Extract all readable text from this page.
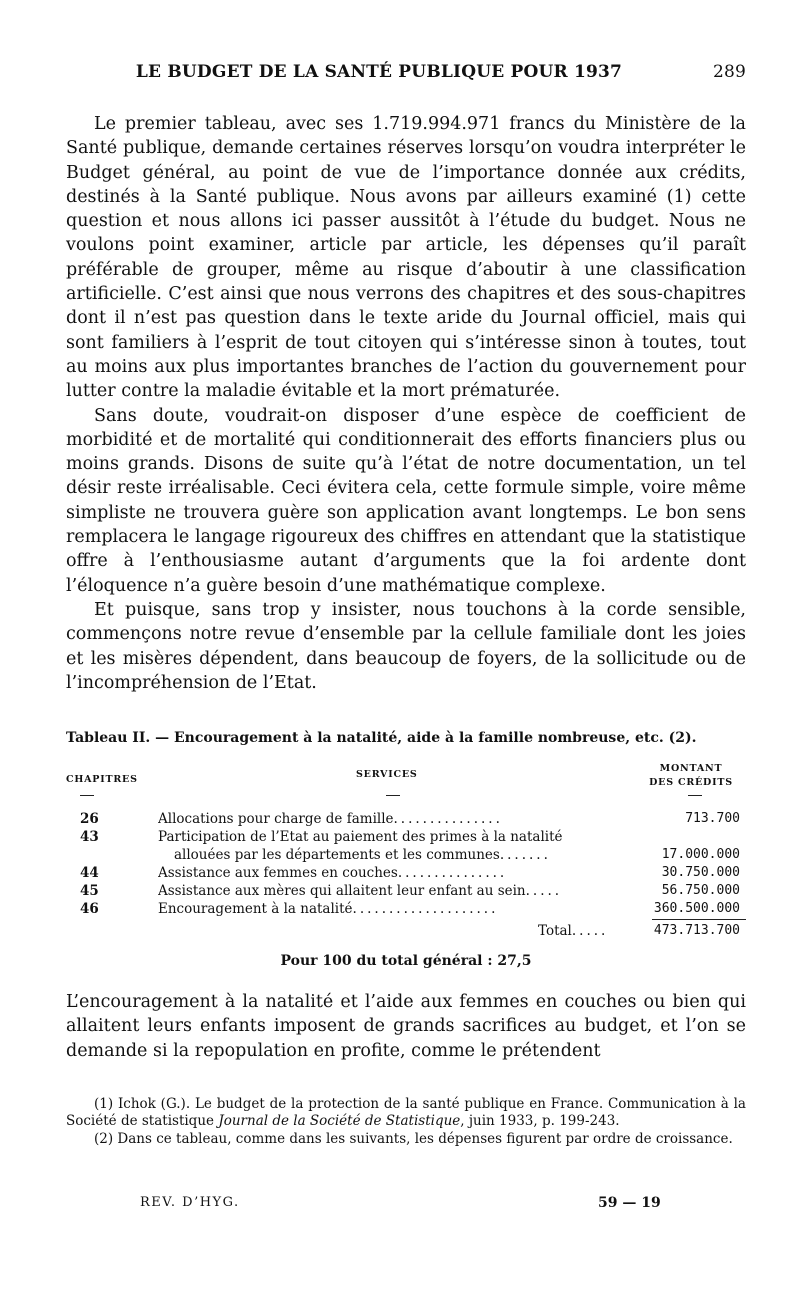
LE BUDGET DE LA SANTÉ PUBLIQUE POUR 1937	289

Le premier tableau, avec ses 1.719.994.971 francs du Ministère de la Santé publique, demande certaines réserves lorsqu’on voudra interpréter le Budget général, au point de vue de l’importance donnée aux crédits, destinés à la Santé publique. Nous avons par ailleurs examiné (1) cette question et nous allons ici passer aussitôt à l’étude du budget. Nous ne voulons point examiner, article par article, les dépenses qu’il paraît préférable de grouper, même au risque d’aboutir à une classification artificielle. C’est ainsi que nous verrons des chapitres et des sous-chapitres dont il n’est pas question dans le texte aride du Journal officiel, mais qui sont familiers à l’esprit de tout citoyen qui s’intéresse sinon à toutes, tout au moins aux plus importantes branches de l’action du gouvernement pour lutter contre la maladie évitable et la mort prématurée.

Sans doute, voudrait-on disposer d’une espèce de coefficient de morbidité et de mortalité qui conditionnerait des efforts financiers plus ou moins grands. Disons de suite qu’à l’état de notre documentation, un tel désir reste irréalisable. Ceci évitera cela, cette formule simple, voire même simpliste ne trouvera guère son application avant longtemps. Le bon sens remplacera le langage rigoureux des chiffres en attendant que la statistique offre à l’enthousiasme autant d’arguments que la foi ardente dont l’éloquence n’a guère besoin d’une mathématique complexe.

Et puisque, sans trop y insister, nous touchons à la corde sensible, commençons notre revue d’ensemble par la cellule familiale dont les joies et les misères dépendent, dans beaucoup de foyers, de la sollicitude ou de l’incompréhension de l’Etat.

Tableau II. — Encouragement à la natalité, aide à la famille nombreuse, etc. (2).
CHAPITRES	SERVICES
MONTANT
DES CRÉDITS
26	Allocations pour charge de famille...............	713.700
43	Participation de l’Etat au paiement des primes à la natalité
allouées par les départements et les communes.......	17.000.000
44	Assistance aux femmes en couches...............	30.750.000
45	Assistance aux mères qui allaitent leur enfant au sein.....	56.750.000
46	Encouragement à la natalité....................	360.500.000
Total.....	473.713.700
Pour 100 du total général : 27,5

L’encouragement à la natalité et l’aide aux femmes en couches ou bien qui allaitent leurs enfants imposent de grands sacrifices au budget, et l’on se demande si la repopulation en profite, comme le prétendent

(1) Ichok (G.). Le budget de la protection de la santé publique en France. Communication à la Société de statistique Journal de la Société de Statistique, juin 1933, p. 199-243.

(2) Dans ce tableau, comme dans les suivants, les dépenses figurent par ordre de croissance.

REV. D’HYG.	59 — 19
